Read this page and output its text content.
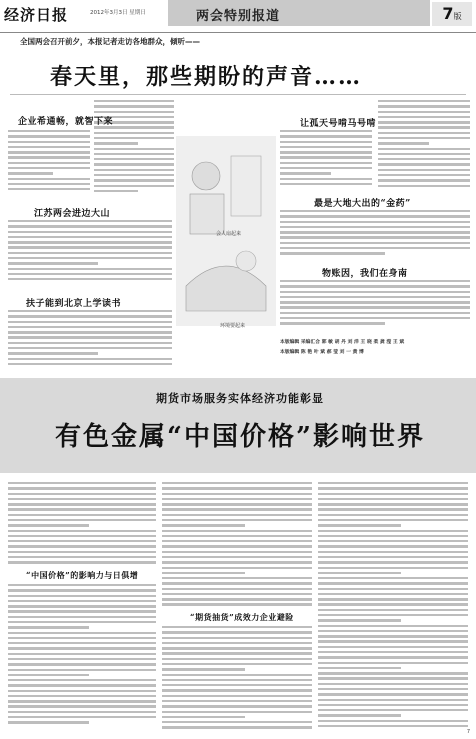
经济日报	2012年3月3日 星期日	两会特别报道	7版
全国两会召开前夕，本报记者走访各地群众，倾听——
春天里，那些期盼的声音……
企业希通畅，就智下来
江苏两会进边大山
扶子能到北京上学读书
让孤天号啃马号啃
最是大地大出的“金药”
物账因，我们在身南
会人扇起来
环境要起来
本版编辑 采编汇合 郭 敏 胡 丹 刘 洋 王 晓 柔 龚 滢 王 斌
本版编辑 陈 艳 叶 斌 郝 莹 刘 一 黄 博
期货市场服务实体经济功能彰显
有色金属“中国价格”影响世界
“中国价格”的影响力与日俱增
“期货抽货”成效力企业避险
7
